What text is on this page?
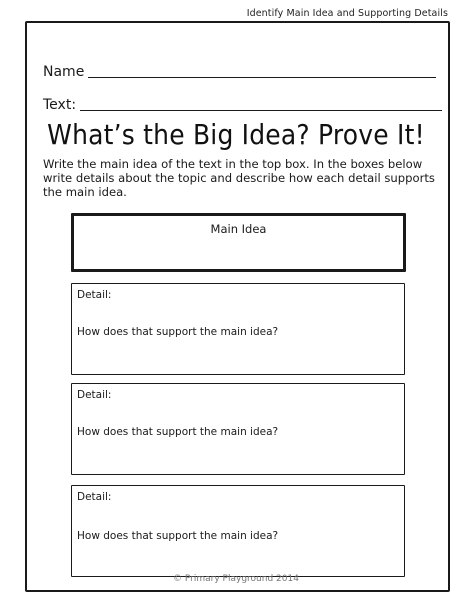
Identify Main Idea and Supporting Details
Name
Text:
What’s the Big Idea? Prove It!
Write the main idea of the text in the top box. In the boxes below write details about the topic and describe how each detail supports the main idea.
Main Idea
Detail:
How does that support the main idea?
Detail:
How does that support the main idea?
Detail:
How does that support the main idea?
© Primary Playground 2014
